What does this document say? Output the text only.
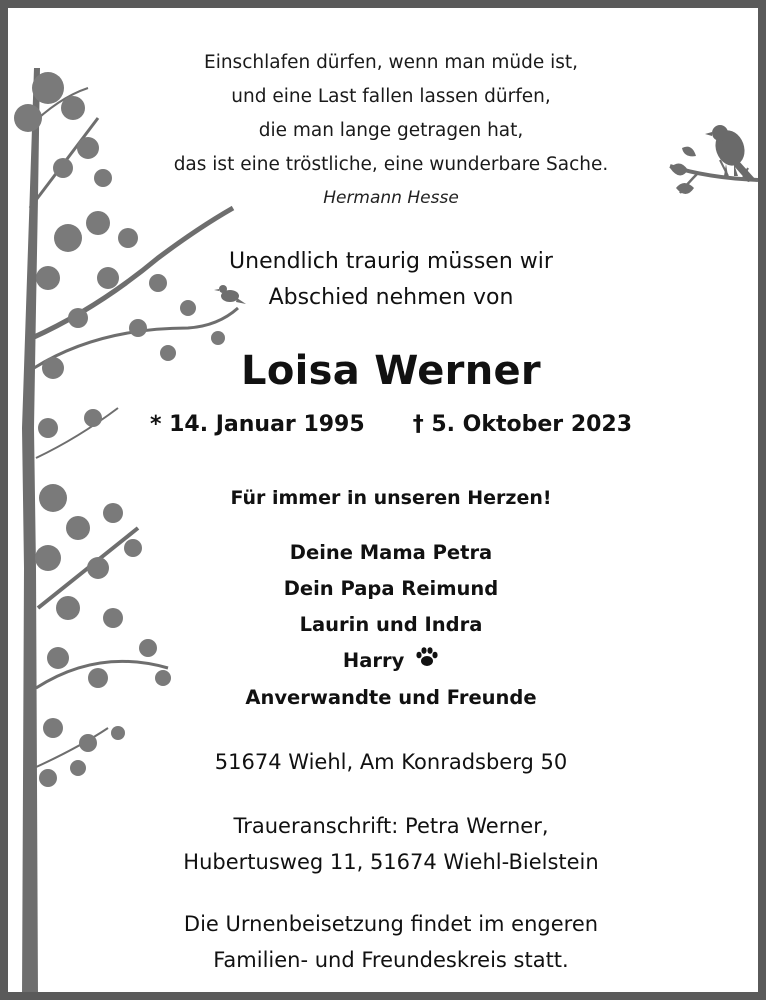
Einschlafen dürfen, wenn man müde ist,
und eine Last fallen lassen dürfen,
die man lange getragen hat,
das ist eine tröstliche, eine wunderbare Sache.
Hermann Hesse
Unendlich traurig müssen wir
Abschied nehmen von
Loisa Werner
* 14. Januar 1995 † 5. Oktober 2023
Für immer in unseren Herzen!
Deine Mama Petra
Dein Papa Reimund
Laurin und Indra
Harry
Anverwandte und Freunde
51674 Wiehl, Am Konradsberg 50
Traueranschrift: Petra Werner,
Hubertusweg 11, 51674 Wiehl-Bielstein
Die Urnenbeisetzung findet im engeren
Familien- und Freundeskreis statt.
